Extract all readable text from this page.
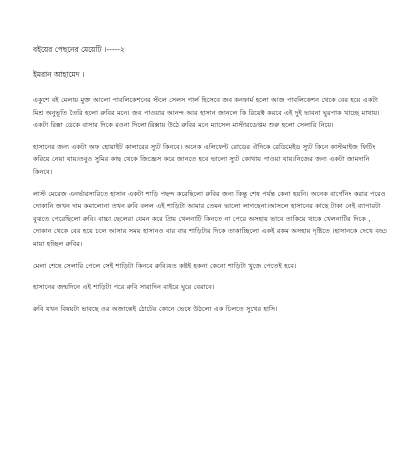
বইয়ের পেছনের মেয়েটি ।-----২
ইমরান আহামেদ ।

একুশে বই মেলায় মুক্ত আলো পাবলিকেশনের স্টলে সেলস গার্ল হিসেবে জব কনফার্ম হলো আজ পাবলিকেশন থেকে বের হয়ে একটা মিশ্র অনুভূতি তৈরি হলো রুবির মনে। জব পাওয়ার আনন্দ আর হাসান জানলে কি রিয়েক্ট করবে এই দুই ভাবনা ঘুরপাক খাচ্ছে মাথায়। একটা রিক্সা ডেকে বাসার দিকে রওনা দিলো।রিক্সায় উঠে রুবির মনে ম্যাসেল মাস্টারডেপ্তম শুরু হলো সেলারি নিয়ে।

হাসানের জন্য একটা অফ হোয়াইট কালারের স্যুট কিনবে। অনেক এলিফেন্ট রোডের ঐদিকে রেডিমেইড স্যুট কিনে কাস্টমাইজ ফিটিং করিয়ে নেয়া যায়।তবুও সুমির কাছ থেকে জিজ্ঞেস করে জানতে হবে ভালো স্যুট কোথায় পাওয়া যায়।নিজের জন্য একটা জামদানি কিনবে।

লাস্ট মেরেজ এনর্ভারসারিতে হাসান একটা শাড়ি পছন্দ করেছিলো রুবির জন্য কিন্তু শেষ পর্যন্ত কেনা হয়নি। অনেক বার্গেনিং করার পরেও দোকানি জখন দাম কমালোনা তখন রুবি বলল এই শাড়িটা আমার তেমন ভালো লাগছেনা।আসলে হাসানের কাছে টাকা নেই ব্যাপারটা বুঝতে পেরেছিলো রুবি। বাচ্চা ছেলেরা যেমন করে প্রিয় খেলনাটি কিনতে না পেরে অসহায় ভাবে তাকিয়ে থাকে খেলনাটির দিকে , দোকান থেকে বের হয়ে চলে আসার সময় হাসানও বার বার শাড়িটার দিকে তাকাচ্ছিলো একই রকম অসহায় দৃষ্টিতে ।হাসানকে দেখে বড্ড মায়া হচ্ছিল রুবির।

মেলা শেষে সেলারি পেলে সেই শাড়িটা কিনবে রুবি।যত কষ্টই হকনা কেনো শাড়িটা খুজে পেতেই হবে।

হাসানের জন্মদিনে এই শাড়িটা পরে রুবি সারাদিন বাইরে ঘুরে বেরাবে।

রুবি যখন বিষয়টা ভাবছে ওর অজান্তেই ঠোটের কোনে ভেষে উঠলো এক চিলতে সুখের হাসি।
